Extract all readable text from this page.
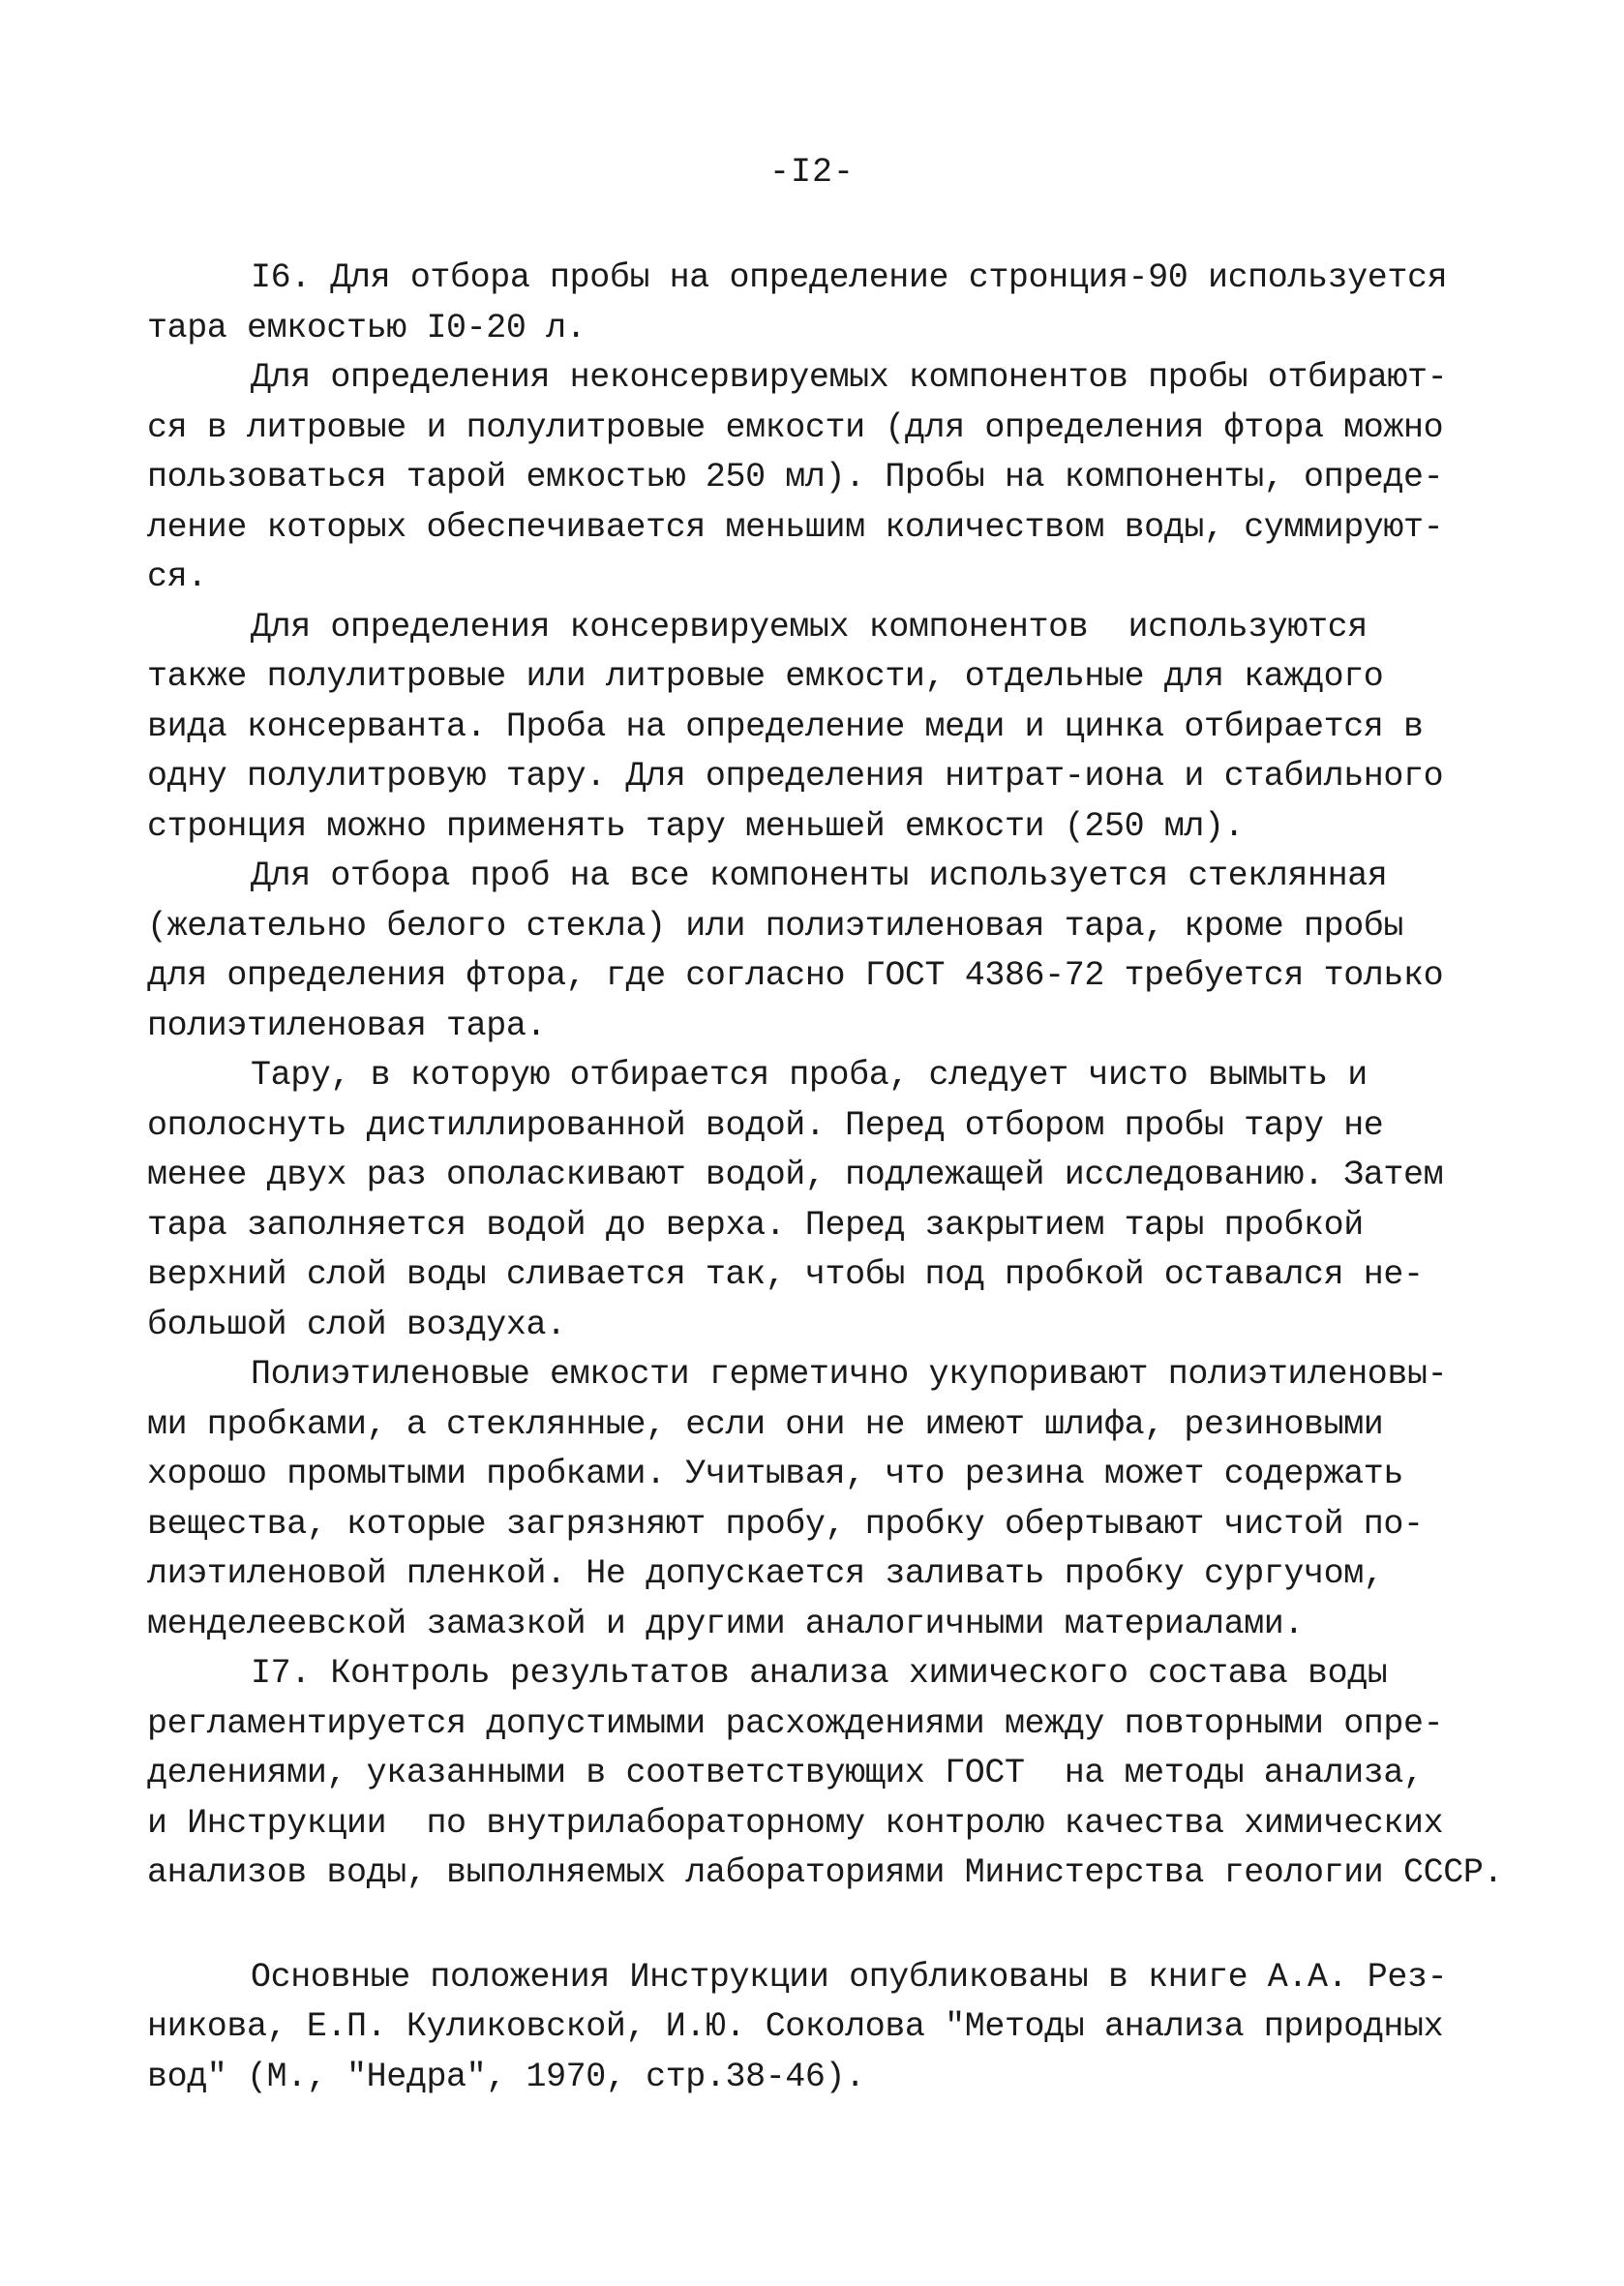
-I2-
I6. Для отбора пробы на определение стронция-90 используется
тара емкостью I0-20 л.
Для определения неконсервируемых компонентов пробы отбирают-
ся в литровые и полулитровые емкости (для определения фтора можно
пользоваться тарой емкостью 250 мл). Пробы на компоненты, опреде-
ление которых обеспечивается меньшим количеством воды, суммируют-
ся.
Для определения консервируемых компонентов  используются
также полулитровые или литровые емкости, отдельные для каждого
вида консерванта. Проба на определение меди и цинка отбирается в
одну полулитровую тару. Для определения нитрат-иона и стабильного
стронция можно применять тару меньшей емкости (250 мл).
Для отбора проб на все компоненты используется стеклянная
(желательно белого стекла) или полиэтиленовая тара, кроме пробы
для определения фтора, где согласно ГОСТ 4386-72 требуется только
полиэтиленовая тара.
Тару, в которую отбирается проба, следует чисто вымыть и
ополоснуть дистиллированной водой. Перед отбором пробы тару не
менее двух раз ополаскивают водой, подлежащей исследованию. Затем
тара заполняется водой до верха. Перед закрытием тары пробкой
верхний слой воды сливается так, чтобы под пробкой оставался не-
большой слой воздуха.
Полиэтиленовые емкости герметично укупоривают полиэтиленовы-
ми пробками, а стеклянные, если они не имеют шлифа, резиновыми
хорошо промытыми пробками. Учитывая, что резина может содержать
вещества, которые загрязняют пробу, пробку обертывают чистой по-
лиэтиленовой пленкой. Не допускается заливать пробку сургучом,
менделеевской замазкой и другими аналогичными материалами.
I7. Контроль результатов анализа химического состава воды
регламентируется допустимыми расхождениями между повторными опре-
делениями, указанными в соответствующих ГОСТ  на методы анализа,
и Инструкции  по внутрилабораторному контролю качества химических
анализов воды, выполняемых лабораториями Министерства геологии СССР.
Основные положения Инструкции опубликованы в книге А.А. Рез-
никова, Е.П. Куликовской, И.Ю. Соколова "Методы анализа природных
вод" (М., "Недра", 1970, стр.38-46).
